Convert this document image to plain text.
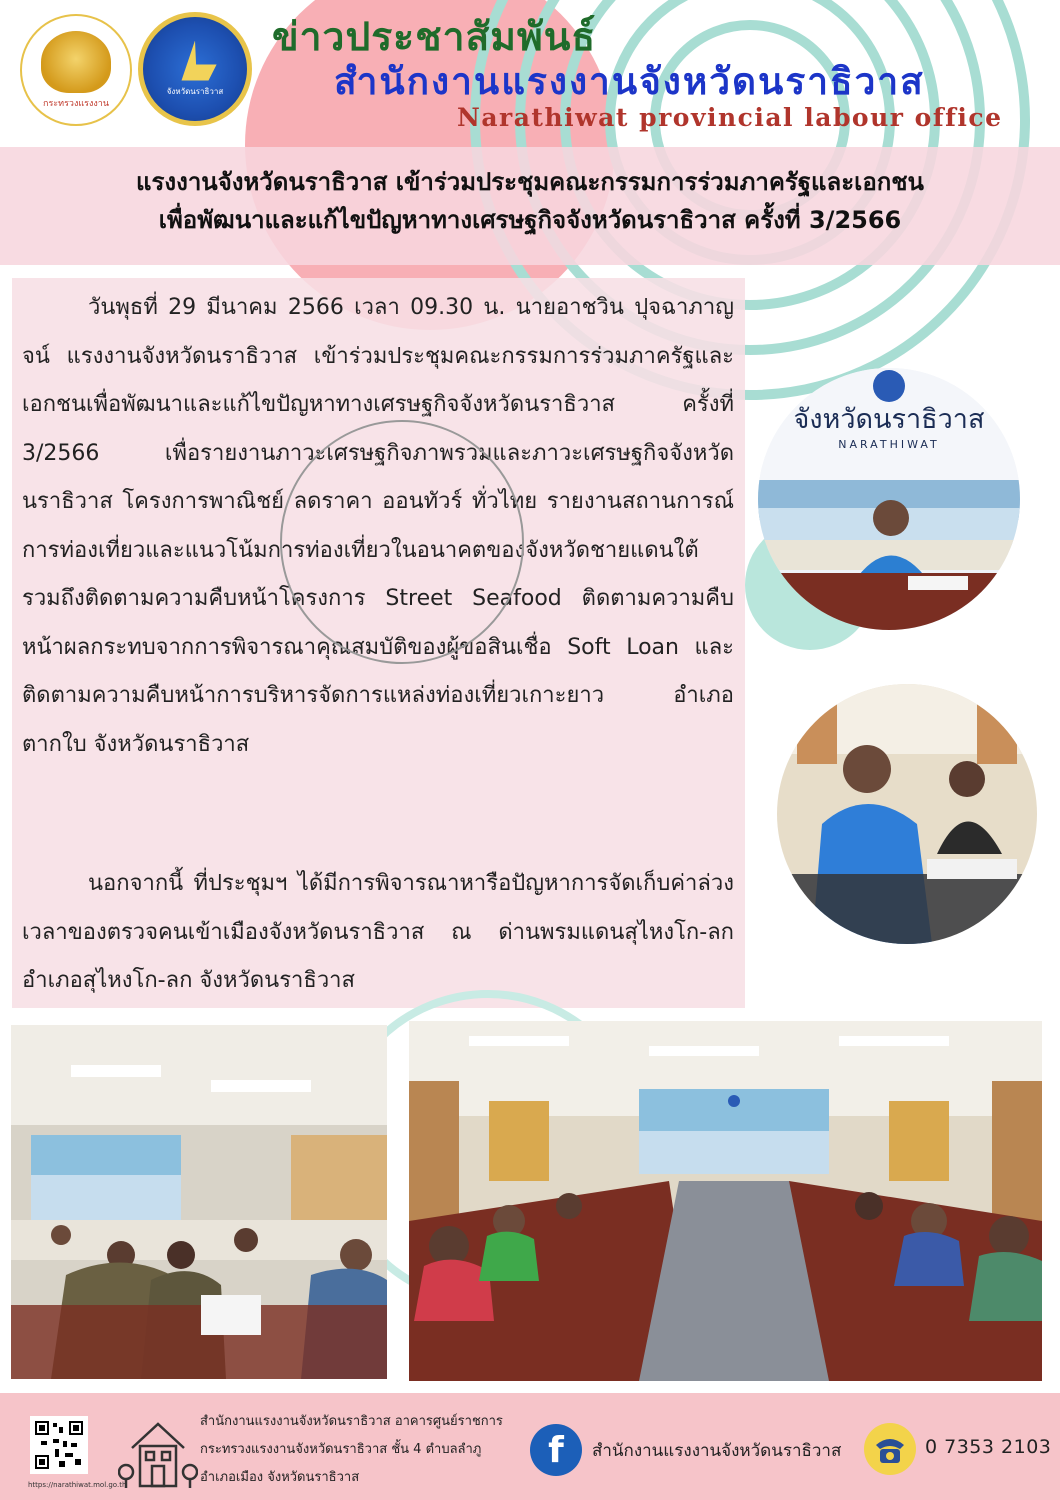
กระทรวงแรงงาน
จังหวัดนราธิวาส
ข่าวประชาสัมพันธ์
สำนักงานแรงงานจังหวัดนราธิวาส
Narathiwat provincial labour office
แรงงานจังหวัดนราธิวาส เข้าร่วมประชุมคณะกรรมการร่วมภาครัฐและเอกชน
เพื่อพัฒนาและแก้ไขปัญหาทางเศรษฐกิจจังหวัดนราธิวาส ครั้งที่ 3/2566
วันพุธที่ 29 มีนาคม 2566 เวลา 09.30 น. นายอาชวิน ปุจฉาภาญจน์ แรงงานจังหวัดนราธิวาส เข้าร่วมประชุมคณะกรรมการร่วมภาครัฐและเอกชนเพื่อพัฒนาและแก้ไขปัญหาทางเศรษฐกิจจังหวัดนราธิวาส ครั้งที่ 3/2566 เพื่อรายงานภาวะเศรษฐกิจภาพรวมและภาวะเศรษฐกิจจังหวัดนราธิวาส โครงการพาณิชย์ ลดราคา ออนทัวร์ ทั่วไทย รายงานสถานการณ์การท่องเที่ยวและแนวโน้มการท่องเที่ยวในอนาคตของจังหวัดชายแดนใต้ รวมถึงติดตามความคืบหน้าโครงการ Street Seafood ติดตามความคืบหน้าผลกระทบจากการพิจารณาคุณสมบัติของผู้ขอสินเชื่อ Soft Loan และติดตามความคืบหน้าการบริหารจัดการแหล่งท่องเที่ยวเกาะยาว อำเภอตากใบ จังหวัดนราธิวาส
นอกจากนี้ ที่ประชุมฯ ได้มีการพิจารณาหารือปัญหาการจัดเก็บค่าล่วงเวลาของตรวจคนเข้าเมืองจังหวัดนราธิวาส ณ ด่านพรมแดนสุไหงโก-ลก อำเภอสุไหงโก-ลก จังหวัดนราธิวาส
จังหวัดนราธิวาส
NARATHIWAT
https://narathiwat.mol.go.th
สำนักงานแรงงานจังหวัดนราธิวาส อาคารศูนย์ราชการ
กระทรวงแรงงานจังหวัดนราธิวาส ชั้น 4 ตำบลลำภู
อำเภอเมือง จังหวัดนราธิวาส
f	สำนักงานแรงงานจังหวัดนราธิวาส	0 7353 2103
